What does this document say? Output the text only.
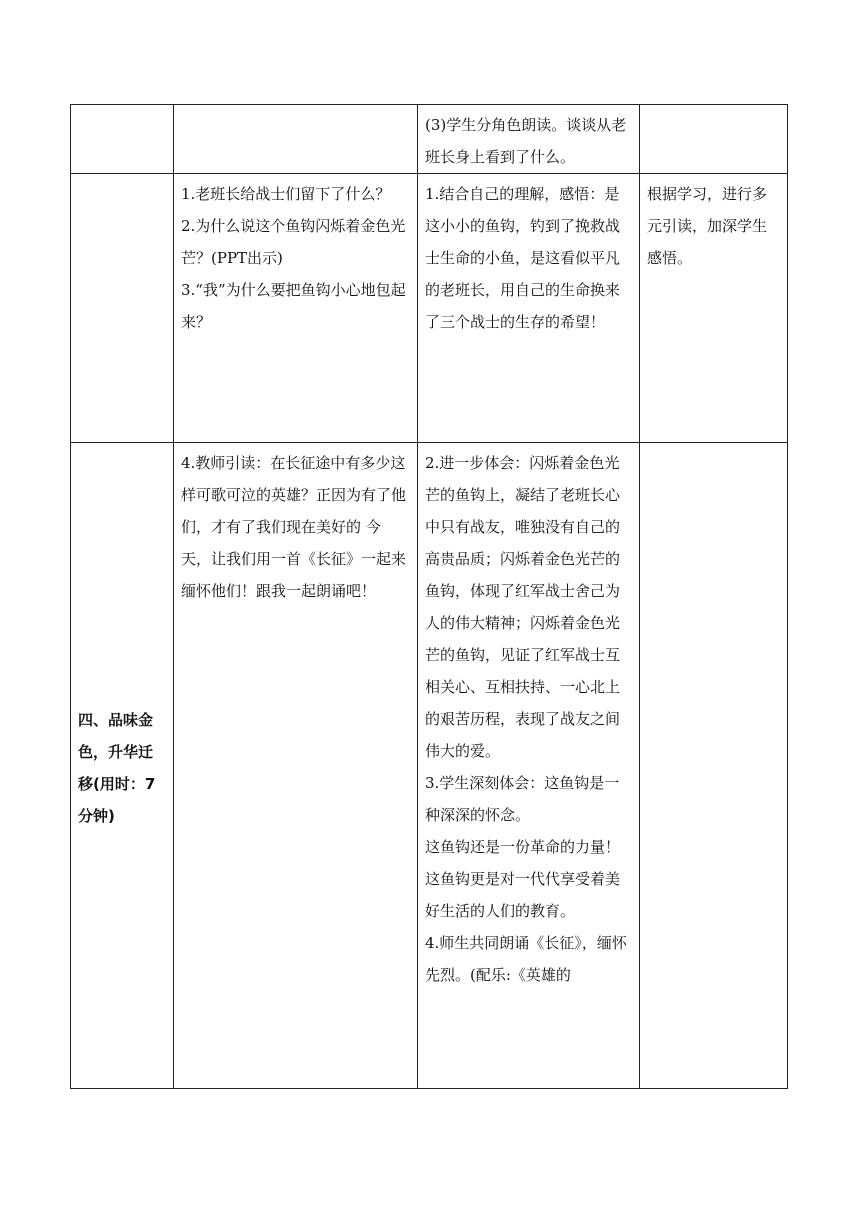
		(3)学生分角色朗读。谈谈从老班长身上看到了什么。	

	1.老班长给战士们留下了什么？
2.为什么说这个鱼钩闪烁着金色光芒？(PPT出示)
3.“我”为什么要把鱼钩小心地包起来？	1.结合自己的理解，感悟：是这小小的鱼钩，钓到了挽救战士生命的小鱼，是这看似平凡的老班长，用自己的生命换来了三个战士的生存的希望！	根据学习，进行多元引读，加深学生感悟。

四、品味金色，升华迁移(用时：7分钟)	4.教师引读：在长征途中有多少这样可歌可泣的英雄？正因为有了他们，才有了我们现在美好的 今天，让我们用一首《长征》一起来缅怀他们！跟我一起朗诵吧！	2.进一步体会：闪烁着金色光芒的鱼钩上，凝结了老班长心中只有战友，唯独没有自己的高贵品质；闪烁着金色光芒的鱼钩，体现了红军战士舍己为人的伟大精神；闪烁着金色光芒的鱼钩，见证了红军战士互相关心、互相扶持、一心北上的艰苦历程，表现了战友之间伟大的爱。
3.学生深刻体会：这鱼钩是一种深深的怀念。
这鱼钩还是一份革命的力量！这鱼钩更是对一代代享受着美好生活的人们的教育。
4.师生共同朗诵《长征》，缅怀先烈。(配乐:《英雄的	
